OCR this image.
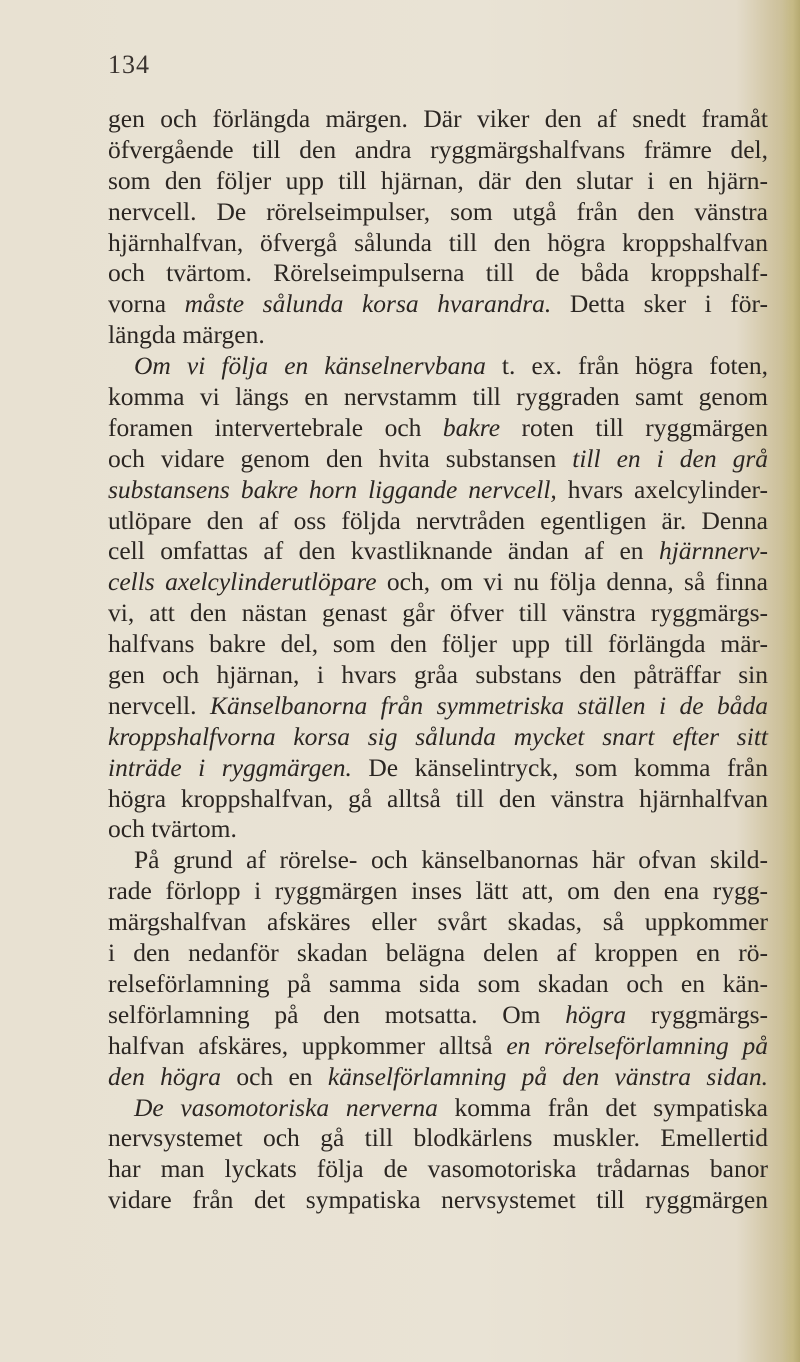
134
gen och förlängda märgen. Där viker den af snedt framåt
öfvergående till den andra ryggmärgshalfvans främre del,
som den följer upp till hjärnan, där den slutar i en hjärn-
nervcell. De rörelseimpulser, som utgå från den vänstra
hjärnhalfvan, öfvergå sålunda till den högra kroppshalfvan
och tvärtom. Rörelseimpulserna till de båda kroppshalf-
vorna måste sålunda korsa hvarandra. Detta sker i för-
längda märgen.
Om vi följa en känselnervbana t. ex. från högra foten,
komma vi längs en nervstamm till ryggraden samt genom
foramen intervertebrale och bakre roten till ryggmärgen
och vidare genom den hvita substansen till en i den grå
substansens bakre horn liggande nervcell, hvars axelcylinder-
utlöpare den af oss följda nervtråden egentligen är. Denna
cell omfattas af den kvastliknande ändan af en hjärnnerv-
cells axelcylinderutlöpare och, om vi nu följa denna, så finna
vi, att den nästan genast går öfver till vänstra ryggmärgs-
halfvans bakre del, som den följer upp till förlängda mär-
gen och hjärnan, i hvars gråa substans den påträffar sin
nervcell. Känselbanorna från symmetriska ställen i de båda
kroppshalfvorna korsa sig sålunda mycket snart efter sitt
inträde i ryggmärgen. De känselintryck, som komma från
högra kroppshalfvan, gå alltså till den vänstra hjärnhalfvan
och tvärtom.
På grund af rörelse- och känselbanornas här ofvan skild-
rade förlopp i ryggmärgen inses lätt att, om den ena rygg-
märgshalfvan afskäres eller svårt skadas, så uppkommer
i den nedanför skadan belägna delen af kroppen en rö-
relseförlamning på samma sida som skadan och en kän-
selförlamning på den motsatta. Om högra ryggmärgs-
halfvan afskäres, uppkommer alltså en rörelseförlamning på
den högra och en känselförlamning på den vänstra sidan.
De vasomotoriska nerverna komma från det sympatiska
nervsystemet och gå till blodkärlens muskler. Emellertid
har man lyckats följa de vasomotoriska trådarnas banor
vidare från det sympatiska nervsystemet till ryggmärgen
